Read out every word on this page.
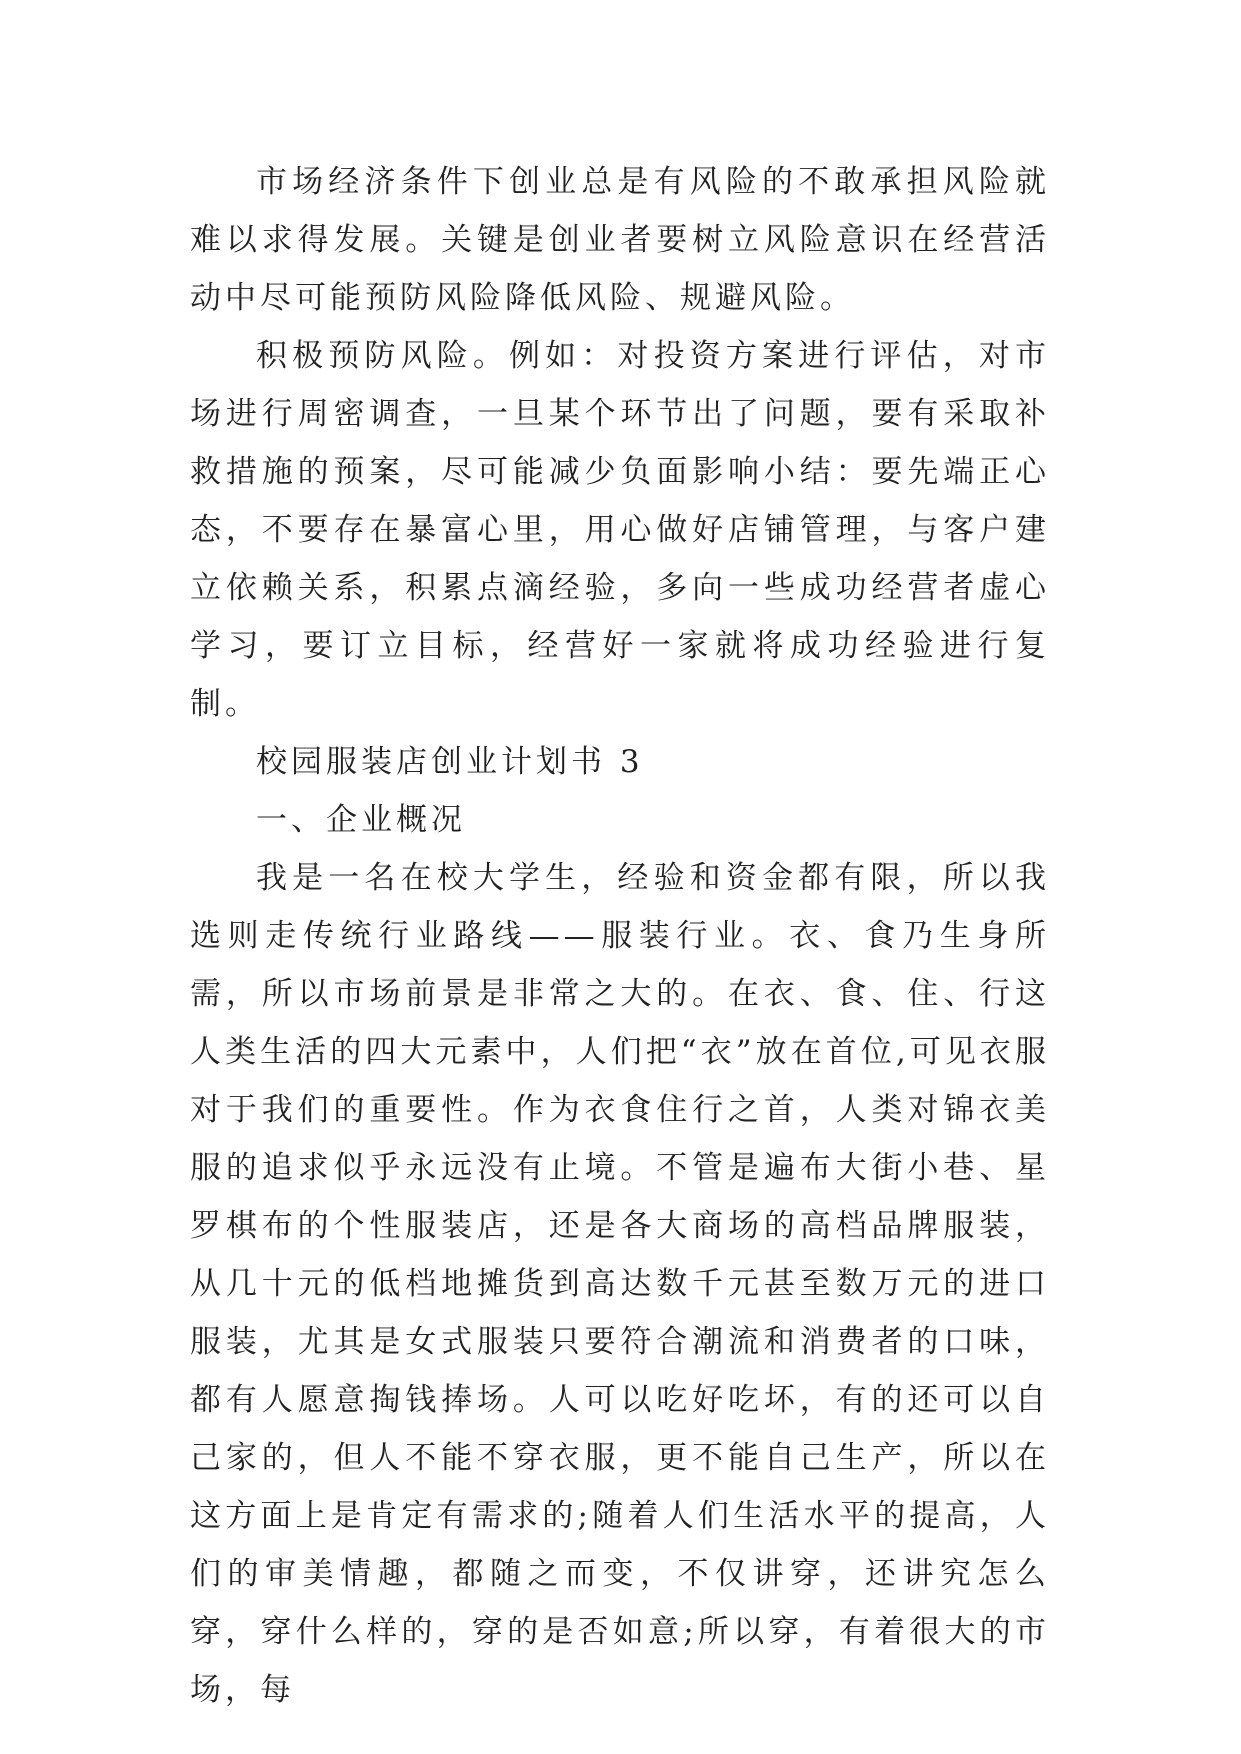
市场经济条件下创业总是有风险的不敢承担风险就难以求得发展。关键是创业者要树立风险意识在经营活动中尽可能预防风险降低风险、规避风险。

积极预防风险。例如：对投资方案进行评估，对市场进行周密调查，一旦某个环节出了问题，要有采取补救措施的预案，尽可能减少负面影响小结：要先端正心态，不要存在暴富心里，用心做好店铺管理，与客户建立依赖关系，积累点滴经验，多向一些成功经营者虚心学习，要订立目标，经营好一家就将成功经验进行复制。

校园服装店创业计划书 3

一、企业概况

我是一名在校大学生，经验和资金都有限，所以我选则走传统行业路线——服装行业。衣、食乃生身所需，所以市场前景是非常之大的。在衣、食、住、行这人类生活的四大元素中，人们把“衣”放在首位,可见衣服对于我们的重要性。作为衣食住行之首，人类对锦衣美服的追求似乎永远没有止境。不管是遍布大街小巷、星罗棋布的个性服装店，还是各大商场的高档品牌服装，从几十元的低档地摊货到高达数千元甚至数万元的进口服装，尤其是女式服装只要符合潮流和消费者的口味，都有人愿意掏钱捧场。人可以吃好吃坏，有的还可以自己家的，但人不能不穿衣服，更不能自己生产，所以在这方面上是肯定有需求的;随着人们生活水平的提高，人们的审美情趣，都随之而变，不仅讲穿，还讲究怎么穿，穿什么样的，穿的是否如意;所以穿，有着很大的市场，每
